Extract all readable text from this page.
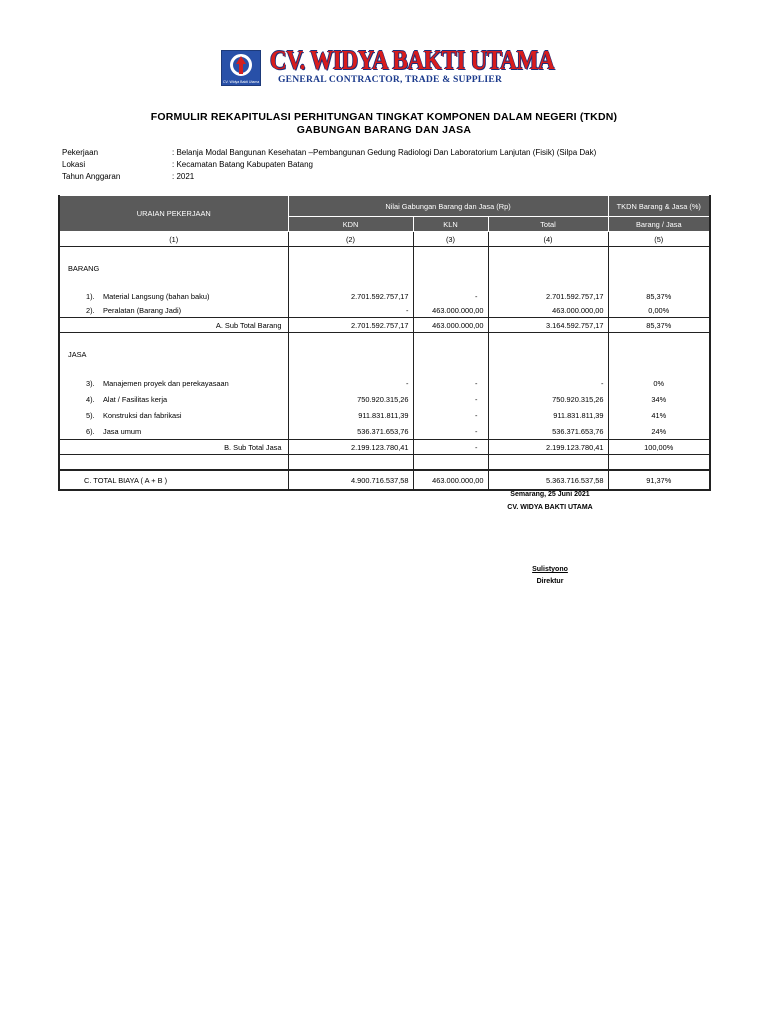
CV. Widya Bakti Utama
CV. WIDYA BAKTI UTAMA
GENERAL CONTRACTOR, TRADE & SUPPLIER
FORMULIR REKAPITULASI PERHITUNGAN TINGKAT KOMPONEN DALAM NEGERI (TKDN)
GABUNGAN BARANG DAN JASA
Pekerjaan	: Belanja Modal Bangunan Kesehatan –Pembangunan Gedung Radiologi Dan Laboratorium Lanjutan (Fisik) (Silpa Dak)
Lokasi	: Kecamatan Batang Kabupaten Batang
Tahun Anggaran	: 2021
URAIAN PEKERJAAN	Nilai Gabungan Barang dan Jasa (Rp)			TKDN Barang & Jasa (%)
	KDN	KLN	Total	Barang / Jasa
(1)	(2)	(3)	(4)	(5)

BARANG				

1). Material Langsung (bahan baku)	2.701.592.757,17	-	2.701.592.757,17	85,37%
2). Peralatan (Barang Jadi)	-	463.000.000,00	463.000.000,00	0,00%
A. Sub Total Barang	2.701.592.757,17	463.000.000,00	3.164.592.757,17	85,37%

JASA				

3). Manajemen proyek dan perekayasaan	-	-	-	0%
4). Alat / Fasilitas kerja	750.920.315,26	-	750.920.315,26	34%
5). Konstruksi dan fabrikasi	911.831.811,39	-	911.831.811,39	41%
6). Jasa umum	536.371.653,76	-	536.371.653,76	24%
B. Sub Total Jasa	2.199.123.780,41	-	2.199.123.780,41	100,00%

C. TOTAL BIAYA ( A + B )	4.900.716.537,58	463.000.000,00	5.363.716.537,58	91,37%
Semarang, 25 Juni 2021
CV. WIDYA BAKTI UTAMA
Sulistyono
Direktur
